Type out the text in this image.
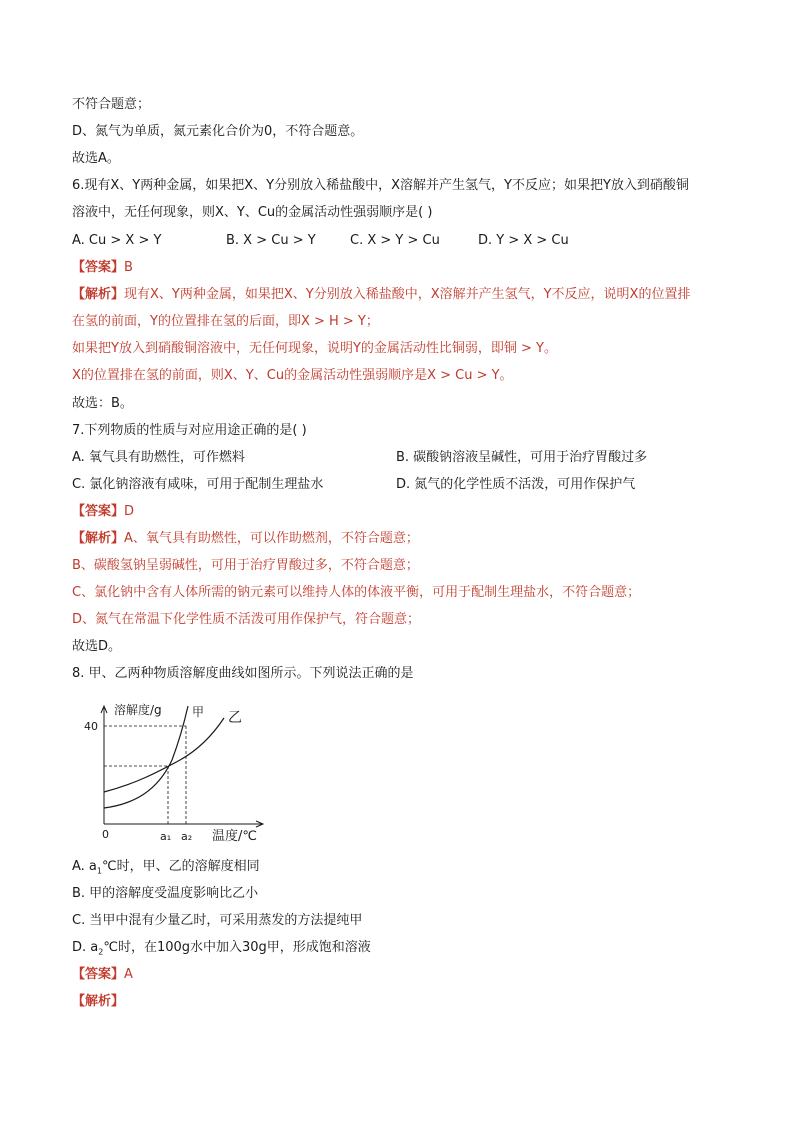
不符合题意；
D、氮气为单质，氮元素化合价为0，不符合题意。
故选A。
6.现有X、Y两种金属，如果把X、Y分别放入稀盐酸中，X溶解并产生氢气，Y不反应；如果把Y放入到硝酸铜
溶液中，无任何现象，则X、Y、Cu的金属活动性强弱顺序是( )
A. Cu > X > Y	B. X > Cu > Y	C. X > Y > Cu	D. Y > X > Cu
【答案】B
【解析】现有X、Y两种金属，如果把X、Y分别放入稀盐酸中，X溶解并产生氢气，Y不反应，说明X的位置排
在氢的前面，Y的位置排在氢的后面，即X > H > Y；
如果把Y放入到硝酸铜溶液中，无任何现象，说明Y的金属活动性比铜弱，即铜 > Y。
X的位置排在氢的前面，则X、Y、Cu的金属活动性强弱顺序是X > Cu > Y。
故选：B。
7.下列物质的性质与对应用途正确的是( )
A. 氧气具有助燃性，可作燃料	B. 碳酸钠溶液呈碱性，可用于治疗胃酸过多
C. 氯化钠溶液有咸味，可用于配制生理盐水	D. 氮气的化学性质不活泼，可用作保护气
【答案】D
【解析】A、氧气具有助燃性，可以作助燃剂，不符合题意；
B、碳酸氢钠呈弱碱性，可用于治疗胃酸过多，不符合题意；
C、氯化钠中含有人体所需的钠元素可以维持人体的体液平衡，可用于配制生理盐水，不符合题意；
D、氮气在常温下化学性质不活泼可用作保护气，符合题意；
故选D。
8. 甲、乙两种物质溶解度曲线如图所示。下列说法正确的是
溶解度/g
40
0	a₁ a₂ 温度/℃
甲 乙
A. $a_1℃$时，甲、乙的溶解度相同
B. 甲的溶解度受温度影响比乙小
C. 当甲中混有少量乙时，可采用蒸发的方法提纯甲
D. $a_2℃$时，在100g水中加入30g甲，形成饱和溶液
【答案】A
【解析】
